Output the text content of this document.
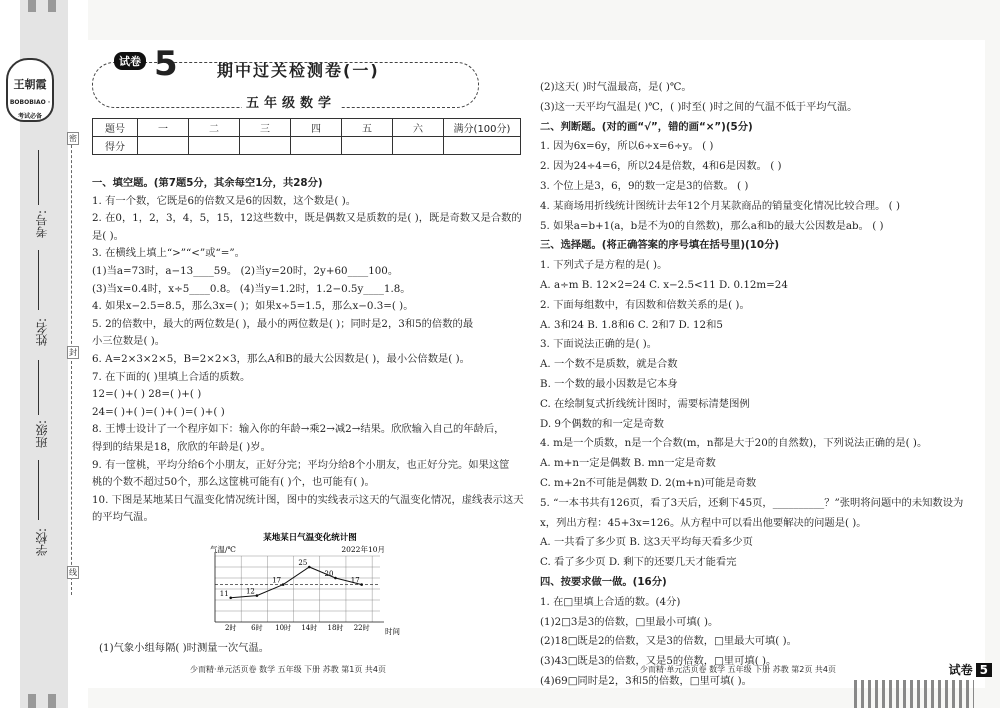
王朝霞
BOBOBIAO · 考试必备
考号:
姓名:
班级:
学校:
密
封
线
试卷 5 期中过关检测卷(一)
五年级数学
题号	一	二	三	四	五	六	满分(100分)
得分							
一、填空题。(第7题5分，其余每空1分，共28分)
1. 有一个数，它既是6的倍数又是6的因数，这个数是( )。
2. 在0，1，2，3，4，5，15，12这些数中，既是偶数又是质数的是( )，既是奇数又是合数的
是( )。
3. 在横线上填上“>”“<”或“=”。
(1)当a=73时，a−13____59。 (2)当y=20时，2y+60____100。
(3)当x=0.4时，x÷5____0.8。 (4)当y=1.2时，1.2−0.5y____1.8。
4. 如果x−2.5=8.5，那么3x=( )；如果x÷5=1.5，那么x−0.3=( )。
5. 2的倍数中，最大的两位数是( )，最小的两位数是( )；同时是2，3和5的倍数的最
小三位数是( )。
6. A=2×3×2×5，B=2×2×3，那么A和B的最大公因数是( )，最小公倍数是( )。
7. 在下面的( )里填上合适的质数。
12=( )+( ) 28=( )+( )
24=( )+( )=( )+( )=( )+( )
8. 王博士设计了一个程序如下：输入你的年龄→乘2→减2→结果。欣欣输入自己的年龄后，
得到的结果是18，欣欣的年龄是( )岁。
9. 有一筐桃，平均分给6个小朋友，正好分完；平均分给8个小朋友，也正好分完。如果这筐
桃的个数不超过50个，那么这筐桃可能有( )个，也可能有( )。
10. 下图是某地某日气温变化情况统计图，图中的实线表示这天的气温变化情况，虚线表示这天
的平均气温。
某地某日气温变化统计图
气温/℃	2022年10月
11
2时
12
6时
17
10时
25
14时
20
18时
17
22时 时间
(1)气象小组每隔( )时测量一次气温。
(2)这天( )时气温最高，是( )℃。
(3)这一天平均气温是( )℃，( )时至( )时之间的气温不低于平均气温。
二、判断题。(对的画“√”，错的画“×”)(5分)
1. 因为6x=6y，所以6÷x=6÷y。 ( )
2. 因为24÷4=6，所以24是倍数，4和6是因数。 ( )
3. 个位上是3，6，9的数一定是3的倍数。 ( )
4. 某商场用折线统计图统计去年12个月某款商品的销量变化情况比较合理。 ( )
5. 如果a=b+1(a，b是不为0的自然数)，那么a和b的最大公因数是ab。 ( )
三、选择题。(将正确答案的序号填在括号里)(10分)
1. 下列式子是方程的是( )。
A. a÷m B. 12×2=24 C. x−2.5<11 D. 0.12m=24
2. 下面每组数中，有因数和倍数关系的是( )。
A. 3和24 B. 1.8和6 C. 2和7 D. 12和5
3. 下面说法正确的是( )。
A. 一个数不是质数，就是合数
B. 一个数的最小因数是它本身
C. 在绘制复式折线统计图时，需要标清楚图例
D. 9个偶数的和一定是奇数
4. m是一个质数，n是一个合数(m，n都是大于20的自然数)，下列说法正确的是( )。
A. m+n一定是偶数 B. mn一定是奇数
C. m+2n不可能是偶数 D. 2(m+n)可能是奇数
5. “一本书共有126页，看了3天后，还剩下45页，__________？”张明将问题中的未知数设为
x，列出方程：45+3x=126。从方程中可以看出他要解决的问题是( )。
A. 一共看了多少页 B. 这3天平均每天看多少页
C. 看了多少页 D. 剩下的还要几天才能看完
四、按要求做一做。(16分)
1. 在□里填上合适的数。(4分)
(1)2□3是3的倍数，□里最小可填( )。
(2)18□既是2的倍数，又是3的倍数，□里最大可填( )。
(3)43□既是3的倍数，又是5的倍数，□里可填( )。
(4)69□同时是2，3和5的倍数，□里可填( )。
少而精·单元活页卷 数学 五年级 下册 苏教 第1页 共4页	少而精·单元活页卷 数学 五年级 下册 苏教 第2页 共4页	试卷 5
